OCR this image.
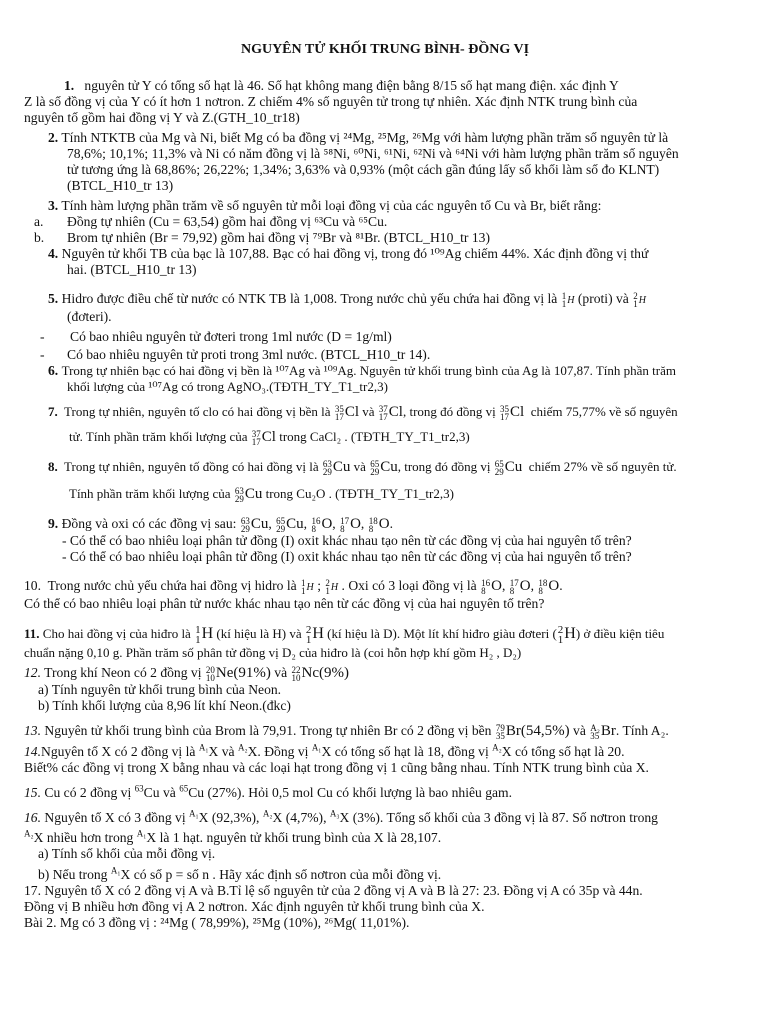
NGUYÊN TỬ KHỐI TRUNG BÌNH- ĐỒNG VỊ

1. nguyên tử Y có tổng số hạt là 46. Số hạt không mang điện bằng 8/15 số hạt mang điện. xác định Y

Z là số đồng vị của Y có ít hơn 1 nơtron. Z chiếm 4% số nguyên tử trong tự nhiên. Xác định NTK trung bình của

nguyên tố gồm hai đồng vị Y và Z.(GTH_10_tr18)

2. Tính NTKTB của Mg và Ni, biết Mg có ba đồng vị ²⁴Mg, ²⁵Mg, ²⁶Mg với hàm lượng phần trăm số nguyên tử là

78,6%; 10,1%; 11,3% và Ni có năm đồng vị là ⁵⁸Ni, ⁶⁰Ni, ⁶¹Ni, ⁶²Ni và ⁶⁴Ni với hàm lượng phần trăm số nguyên

tử tương ứng là 68,86%; 26,22%; 1,34%; 3,63% và 0,93% (một cách gần đúng lấy số khối làm số đo KLNT)

(BTCL_H10_tr 13)

3. Tính hàm lượng phần trăm về số nguyên tử mỗi loại đồng vị của các nguyên tố Cu và Br, biết rằng:

a. Đồng tự nhiên (Cu = 63,54) gồm hai đồng vị ⁶³Cu và ⁶⁵Cu.

b. Brom tự nhiên (Br = 79,92) gồm hai đồng vị ⁷⁹Br và ⁸¹Br. (BTCL_H10_tr 13)

4. Nguyên tử khối TB của bạc là 107,88. Bạc có hai đồng vị, trong đó ¹⁰⁹Ag chiếm 44%. Xác định đồng vị thứ

hai. (BTCL_H10_tr 13)

5. Hidro được điều chế từ nước có NTK TB là 1,008. Trong nước chủ yếu chứa hai đồng vị là 1
1 H (proti) và 2
1 H

(đơteri).

- Có bao nhiêu nguyên tử đơteri trong 1ml nước (D = 1g/ml)

- Có bao nhiêu nguyên tử proti trong 3ml nước. (BTCL_H10_tr 14).

6. Trong tự nhiên bạc có hai đồng vị bền là ¹⁰⁷Ag và ¹⁰⁹Ag. Nguyên tử khối trung bình của Ag là 107,87. Tính phần trăm

khối lượng của ¹⁰⁷Ag có trong AgNO₃.(TĐTH_TY_T1_tr2,3)

7. Trong tự nhiên, nguyên tố clo có hai đồng vị bền là 35
17 Cl và 37
17 Cl, trong đó đồng vị 35
17 Cl chiếm 75,77% về số nguyên

tử. Tính phần trăm khối lượng của 37
17 Cl trong CaCl₂ . (TĐTH_TY_T1_tr2,3)

8. Trong tự nhiên, nguyên tố đồng có hai đồng vị là 63
29 Cu và 65
29 Cu, trong đó đồng vị 65
29 Cu chiếm 27% về số nguyên tử.

Tính phần trăm khối lượng của 63
29 Cu trong Cu₂O . (TĐTH_TY_T1_tr2,3)

9. Đồng và oxi có các đồng vị sau: 63
29 Cu, 65
29 Cu, 16
8 O, 17
8 O, 18
8 O.

- Có thể có bao nhiêu loại phân tử đồng (I) oxit khác nhau tạo nên từ các đồng vị của hai nguyên tố trên?

- Có thể có bao nhiêu loại phân tử đồng (I) oxit khác nhau tạo nên từ các đồng vị của hai nguyên tố trên?

10. Trong nước chủ yếu chứa hai đồng vị hidro là 1
1 H ; 2
1 H . Oxi có 3 loại đồng vị là 16
8 O, 17
8 O, 18
8 O.

Có thể có bao nhiêu loại phân tử nước khác nhau tạo nên từ các đồng vị của hai nguyên tố trên?

11. Cho hai đồng vị của hiđro là 1
1 H (kí hiệu là H) và 2
1 H (kí hiệu là D). Một lít khí hiđro giàu đơteri ( 2
1 H) ở điều kiện tiêu

chuẩn nặng 0,10 g. Phần trăm số phân tử đồng vị D₂ của hiđro là (coi hỗn hợp khí gồm H₂ , D₂)

12. Trong khí Neon có 2 đồng vị 20
10 Ne(91%) và 22
10 Nc(9%)

a) Tính nguyên tử khối trung bình của Neon.

b) Tính khối lượng của 8,96 lít khí Neon.(đkc)

13. Nguyên tử khối trung bình của Brom là 79,91. Trong tự nhiên Br có 2 đồng vị bền 79
35 Br(54,5%) và A₂
35 Br. Tính A₂.

14.Nguyên tố X có 2 đồng vị là $^{A_1}$X và $^{A_2}$X. Đồng vị $^{A_1}$X có tổng số hạt là 18, đồng vị $^{A_2}$X có tổng số hạt là 20.

Biết% các đồng vị trong X bằng nhau và các loại hạt trong đồng vị 1 cũng bằng nhau. Tính NTK trung bình của X.

15. Cu có 2 đồng vị $^{63}$Cu và $^{65}$Cu (27%). Hỏi 0,5 mol Cu có khối lượng là bao nhiêu gam.

16. Nguyên tố X có 3 đồng vị $^{A_1}$X (92,3%), $^{A_2}$X (4,7%), $^{A_3}$X (3%). Tổng số khối của 3 đồng vị là 87. Số nơtron trong

$^{A_2}$X nhiều hơn trong $^{A_1}$X là 1 hạt. nguyên tử khối trung bình của X là 28,107.

a) Tính số khối của mỗi đồng vị.

b) Nếu trong $^{A_1}$X có số p = số n . Hãy xác định số nơtron của mỗi đồng vị.

17. Nguyên tố X có 2 đồng vị A và B.Tỉ lệ số nguyên tử của 2 đồng vị A và B là 27: 23. Đồng vị A có 35p và 44n.

Đồng vị B nhiều hơn đồng vị A 2 nơtron. Xác định nguyên tử khối trung bình của X.

Bài 2. Mg có 3 đồng vị : ²⁴Mg ( 78,99%), ²⁵Mg (10%), ²⁶Mg( 11,01%).
